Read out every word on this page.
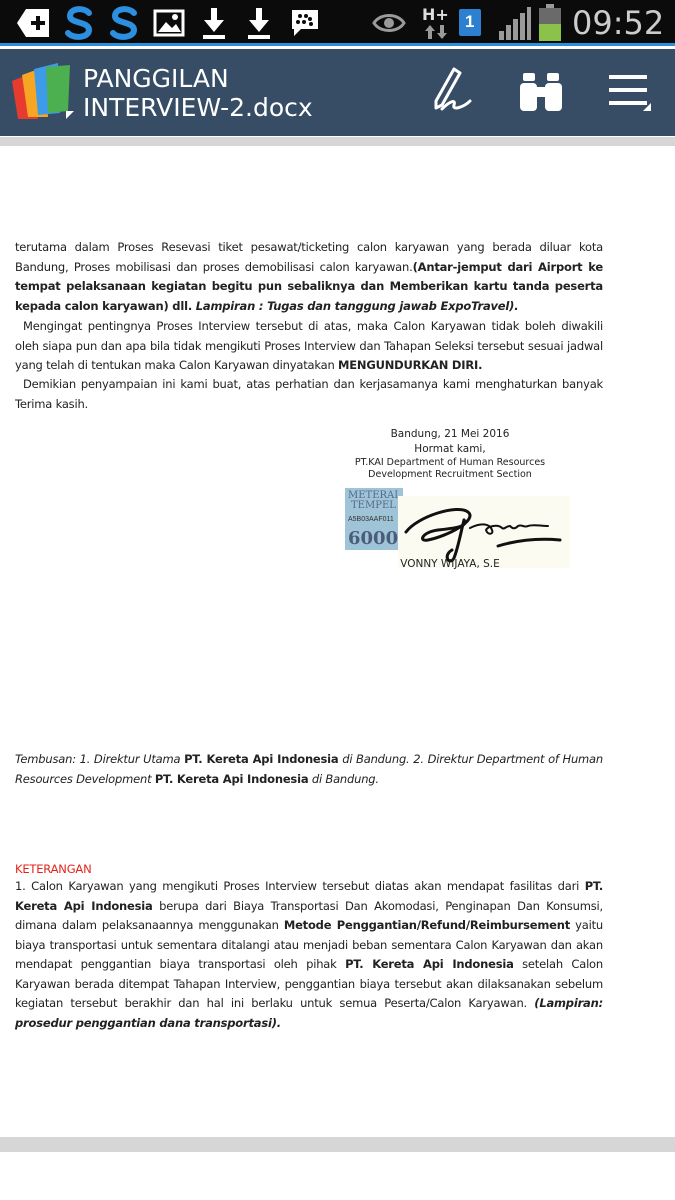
H+ 1	09:52
PANGGILAN
INTERVIEW-2.docx
terutama dalam Proses Resevasi tiket pesawat/ticketing calon karyawan yang berada diluar kota Bandung, Proses mobilisasi dan proses demobilisasi calon karyawan.(Antar-jemput dari Airport ke tempat pelaksanaan kegiatan begitu pun sebaliknya dan Memberikan kartu tanda peserta kepada calon karyawan) dll. Lampiran : Tugas dan tanggung jawab ExpoTravel).
Mengingat pentingnya Proses Interview tersebut di atas, maka Calon Karyawan tidak boleh diwakili oleh siapa pun dan apa bila tidak mengikuti Proses Interview dan Tahapan Seleksi tersebut sesuai jadwal yang telah di tentukan maka Calon Karyawan dinyatakan MENGUNDURKAN DIRI.
Demikian penyampaian ini kami buat, atas perhatian dan kerjasamanya kami menghaturkan banyak Terima kasih.
Bandung, 21 Mei 2016
Hormat kami,
PT.KAI Department of Human Resources
Development Recruitment Section
METERAI
TEMPEL
A5B03AAF011
6000
VONNY WIJAYA, S.E
Tembusan: 1. Direktur Utama PT. Kereta Api Indonesia di Bandung. 2. Direktur Department of Human Resources Development PT. Kereta Api Indonesia di Bandung.
KETERANGAN
1. Calon Karyawan yang mengikuti Proses Interview tersebut diatas akan mendapat fasilitas dari PT. Kereta Api Indonesia berupa dari Biaya Transportasi Dan Akomodasi, Penginapan Dan Konsumsi, dimana dalam pelaksanaannya menggunakan Metode Penggantian/Refund/Reimbursement yaitu biaya transportasi untuk sementara ditalangi atau menjadi beban sementara Calon Karyawan dan akan mendapat penggantian biaya transportasi oleh pihak PT. Kereta Api Indonesia setelah Calon Karyawan berada ditempat Tahapan Interview, penggantian biaya tersebut akan dilaksanakan sebelum kegiatan tersebut berakhir dan hal ini berlaku untuk semua Peserta/Calon Karyawan. (Lampiran: prosedur penggantian dana transportasi).
